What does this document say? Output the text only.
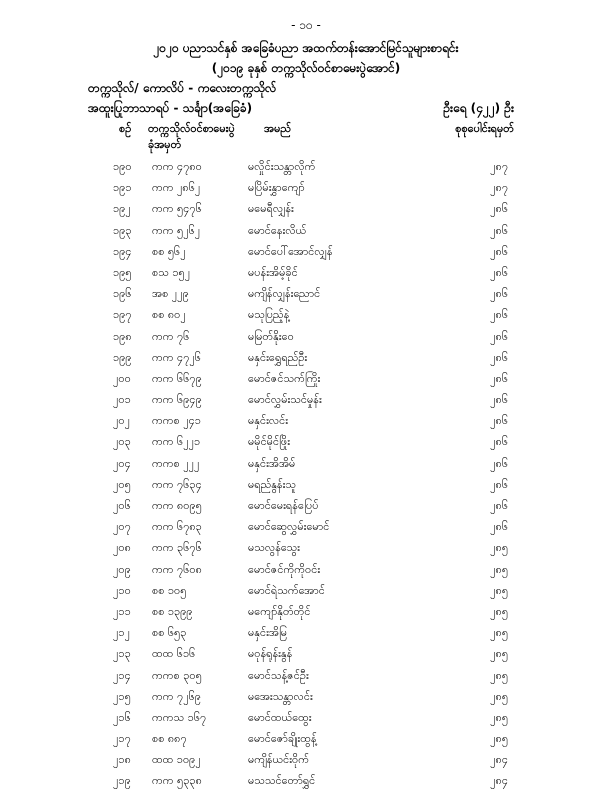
- ၁၀ -
၂၀၂၀ ပညာသင်နှစ် အခြေခံပညာ အထက်တန်းအောင်မြင်သူများစာရင်း
(၂၀၁၉ ခုနှစ် တက္ကသိုလ်ဝင်စာမေးပွဲအောင်)
တက္ကသိုလ်/ ကောလိပ် - ကလေးတက္ကသိုလ်
အထူးပြုဘာသာရပ် - သင်္ချာ(အခြေခံ)	ဦးရေ (၄၂၂) ဦး
စဉ် တက္ကသိုလ်ဝင်စာမေးပွဲ
ခုံအမှတ်
အမည်	စုစုပေါင်းရမှတ်
၁၉၀ ကက ၄၇၈၀	မလှိုင်းသန္တာလိုက်	၂၈၇
၁၉၁ ကက ၂၈၆၂	မပြိမ်းနွှာကျော်	၂၈၇
၁၉၂ ကက ၅၄၇၆	မမေရီလျှန်း	၂၈၆
၁၉၃ ကက ၅၂၆၂	မောင်နေးလိယ်	၂၈၆
၁၉၄ စစ ၅၆၂	မောင်ပေါ်အောင်လျှန်	၂၈၆
၁၉၅ စသ ၁၅၂	မပန်းအိမ့်ခိုင်	၂၈၆
၁၉၆ အစ ၂၂၉	မကျိန်လျှန်းညောင်	၂၈၆
၁၉၇ စစ ၈၀၂	မသုပြည့်နဲ့	၂၈၆
၁၉၈ ကက ၇၆	မမြတ်နိုးဝေ	၂၈၆
၁၉၉ ကက ၄၇၂၆	မနှင်းရွှေရည်ဦး	၂၈၆
၂၀၀ ကက ၆၆၇၉	မောင်ဇင်သက်ကြိုး	၂၈၆
၂၀၁ ကက ၆၉၄၉	မောင်လွှမ်းသင်မှုန်း	၂၈၆
၂၀၂ ကကစ ၂၄၁	မနှင်းလင်း	၂၈၆
၂၀၃ ကက ၆၂၂၁	မမိုင်မိုင်ဖြိုး	၂၈၆
၂၀၄ ကကစ ၂၂၂	မနှင်းအိအိမ်	၂၈၆
၂၀၅ ကက ၇၆၃၄	မရည်နွန်းသူ	၂၈၆
၂၀၆ ကက ၈၀၉၅	မောင်မေးရန်ပြေပ်	၂၈၆
၂၀၇ ကက ၆၇၈၃	မောင်ဆွေလွှမ်းမောင်	၂၈၆
၂၀၈ ကက ၃၆၇၆	မသလွန်သွေး	၂၈၅
၂၀၉ ကက ၇၆၀၈	မောင်ဇင်ကိုကိုဝင်း	၂၈၅
၂၁၀ စစ ၁၀၅	မောင်ရဲသက်အောင်	၂၈၅
၂၁၁ စစ ၁၃၉၉	မကျော်နိုတ်တိုင်	၂၈၅
၂၁၂ စစ ၆၅၃	မနှင်းအိမြ	၂၈၅
၂၁၃ ထထ ၆၁၆	မဝုန်ရုန်းနွန်	၂၈၅
၂၁၄ ကကစ ၃၀၅	မောင်သန့်ဇင်ဦး	၂၈၅
၂၁၅ ကက ၇၂၆၉	မအေးသန္တာလင်း	၂၈၅
၂၁၆ ကကသ ၁၆၇	မောင်ထယ်ထွေး	၂၈၅
၂၁၇ စစ ၈၈၇	မောင်ဇော်ချိုးထွန့်	၂၈၅
၂၁၈ ထထ ၁၀၉၂	မကျိန်ယင်းဝိုက်	၂၈၄
၂၁၉ ကက ၅၃၃၈	မသသင်တော်ရွှင်	၂၈၄
